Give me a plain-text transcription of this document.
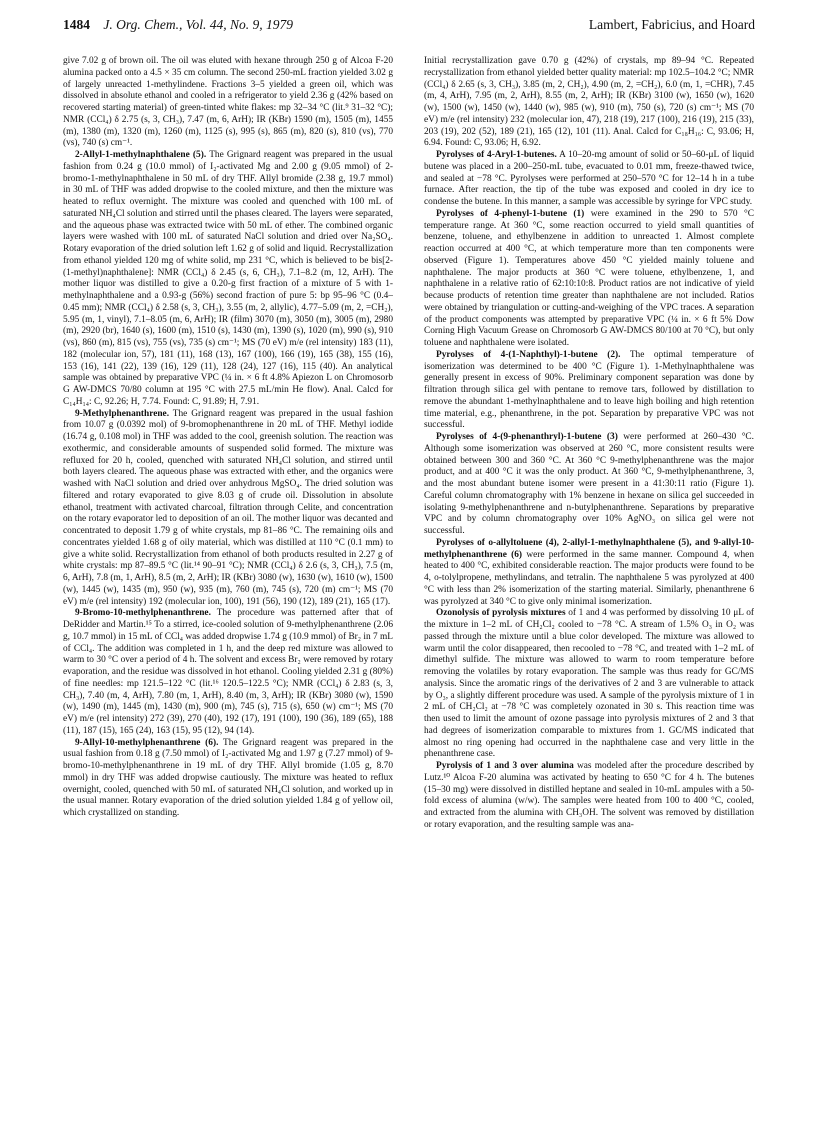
1484 J. Org. Chem., Vol. 44, No. 9, 1979	Lambert, Fabricius, and Hoard

give 7.02 g of brown oil. The oil was eluted with hexane through 250 g of Alcoa F-20 alumina packed onto a 4.5 × 35 cm column. The second 250-mL fraction yielded 3.02 g of largely unreacted 1-methylindene. Fractions 3–5 yielded a green oil, which was dissolved in absolute ethanol and cooled in a refrigerator to yield 2.36 g (42% based on recovered starting material) of green-tinted white flakes: mp 32–34 °C (lit.⁹ 31–32 °C); NMR (CCl₄) δ 2.75 (s, 3, CH₃), 7.47 (m, 6, ArH); IR (KBr) 1590 (m), 1505 (m), 1455 (m), 1380 (m), 1320 (m), 1260 (m), 1125 (s), 995 (s), 865 (m), 820 (s), 810 (vs), 770 (vs), 740 (s) cm⁻¹.

2-Allyl-1-methylnaphthalene (5). The Grignard reagent was prepared in the usual fashion from 0.24 g (10.0 mmol) of I₂-activated Mg and 2.00 g (9.05 mmol) of 2-bromo-1-methylnaphthalene in 50 mL of dry THF. Allyl bromide (2.38 g, 19.7 mmol) in 30 mL of THF was added dropwise to the cooled mixture, and then the mixture was heated to reflux overnight. The mixture was cooled and quenched with 100 mL of saturated NH₄Cl solution and stirred until the phases cleared. The layers were separated, and the aqueous phase was extracted twice with 50 mL of ether. The combined organic layers were washed with 100 mL of saturated NaCl solution and dried over Na₂SO₄. Rotary evaporation of the dried solution left 1.62 g of solid and liquid. Recrystallization from ethanol yielded 120 mg of white solid, mp 231 °C, which is believed to be bis[2-(1-methyl)naphthalene]: NMR (CCl₄) δ 2.45 (s, 6, CH₃), 7.1–8.2 (m, 12, ArH). The mother liquor was distilled to give a 0.20-g first fraction of a mixture of 5 with 1-methylnaphthalene and a 0.93-g (56%) second fraction of pure 5: bp 95–96 °C (0.4–0.45 mm); NMR (CCl₄) δ 2.58 (s, 3, CH₃), 3.55 (m, 2, allylic), 4.77–5.09 (m, 2, =CH₂), 5.95 (m, 1, vinyl), 7.1–8.05 (m, 6, ArH); IR (film) 3070 (m), 3050 (m), 3005 (m), 2980 (m), 2920 (br), 1640 (s), 1600 (m), 1510 (s), 1430 (m), 1390 (s), 1020 (m), 990 (s), 910 (vs), 860 (m), 815 (vs), 755 (vs), 735 (s) cm⁻¹; MS (70 eV) m/e (rel intensity) 183 (11), 182 (molecular ion, 57), 181 (11), 168 (13), 167 (100), 166 (19), 165 (38), 155 (16), 153 (16), 141 (22), 139 (16), 129 (11), 128 (24), 127 (16), 115 (40). An analytical sample was obtained by preparative VPC (¼ in. × 6 ft 4.8% Apiezon L on Chromosorb G AW-DMCS 70/80 column at 195 °C with 27.5 mL/min He flow). Anal. Calcd for C₁₄H₁₄: C, 92.26; H, 7.74. Found: C, 91.89; H, 7.91.

9-Methylphenanthrene. The Grignard reagent was prepared in the usual fashion from 10.07 g (0.0392 mol) of 9-bromophenanthrene in 20 mL of THF. Methyl iodide (16.74 g, 0.108 mol) in THF was added to the cool, greenish solution. The reaction was exothermic, and considerable amounts of suspended solid formed. The mixture was refluxed for 20 h, cooled, quenched with saturated NH₄Cl solution, and stirred until both layers cleared. The aqueous phase was extracted with ether, and the organics were washed with NaCl solution and dried over anhydrous MgSO₄. The dried solution was filtered and rotary evaporated to give 8.03 g of crude oil. Dissolution in absolute ethanol, treatment with activated charcoal, filtration through Celite, and concentration on the rotary evaporator led to deposition of an oil. The mother liquor was decanted and concentrated to deposit 1.79 g of white crystals, mp 81–86 °C. The remaining oils and concentrates yielded 1.68 g of oily material, which was distilled at 110 °C (0.1 mm) to give a white solid. Recrystallization from ethanol of both products resulted in 2.27 g of white crystals: mp 87–89.5 °C (lit.¹⁴ 90–91 °C); NMR (CCl₄) δ 2.6 (s, 3, CH₃), 7.5 (m, 6, ArH), 7.8 (m, 1, ArH), 8.5 (m, 2, ArH); IR (KBr) 3080 (w), 1630 (w), 1610 (w), 1500 (w), 1445 (w), 1435 (m), 950 (w), 935 (m), 760 (m), 745 (s), 720 (m) cm⁻¹; MS (70 eV) m/e (rel intensity) 192 (molecular ion, 100), 191 (56), 190 (12), 189 (21), 165 (17).

9-Bromo-10-methylphenanthrene. The procedure was patterned after that of DeRidder and Martin.¹⁵ To a stirred, ice-cooled solution of 9-methylphenanthrene (2.06 g, 10.7 mmol) in 15 mL of CCl₄ was added dropwise 1.74 g (10.9 mmol) of Br₂ in 7 mL of CCl₄. The addition was completed in 1 h, and the deep red mixture was allowed to warm to 30 °C over a period of 4 h. The solvent and excess Br₂ were removed by rotary evaporation, and the residue was dissolved in hot ethanol. Cooling yielded 2.31 g (80%) of fine needles: mp 121.5–122 °C (lit.¹⁶ 120.5–122.5 °C); NMR (CCl₄) δ 2.83 (s, 3, CH₃), 7.40 (m, 4, ArH), 7.80 (m, 1, ArH), 8.40 (m, 3, ArH); IR (KBr) 3080 (w), 1590 (w), 1490 (m), 1445 (m), 1430 (m), 900 (m), 745 (s), 715 (s), 650 (w) cm⁻¹; MS (70 eV) m/e (rel intensity) 272 (39), 270 (40), 192 (17), 191 (100), 190 (36), 189 (65), 188 (11), 187 (15), 165 (24), 163 (15), 95 (12), 94 (14).

9-Allyl-10-methylphenanthrene (6). The Grignard reagent was prepared in the usual fashion from 0.18 g (7.50 mmol) of I₂-activated Mg and 1.97 g (7.27 mmol) of 9-bromo-10-methylphenanthrene in 19 mL of dry THF. Allyl bromide (1.05 g, 8.70 mmol) in dry THF was added dropwise cautiously. The mixture was heated to reflux overnight, cooled, quenched with 50 mL of saturated NH₄Cl solution, and worked up in the usual manner. Rotary evaporation of the dried solution yielded 1.84 g of yellow oil, which crystallized on standing.

Initial recrystallization gave 0.70 g (42%) of crystals, mp 89–94 °C. Repeated recrystallization from ethanol yielded better quality material: mp 102.5–104.2 °C; NMR (CCl₄) δ 2.65 (s, 3, CH₃), 3.85 (m, 2, CH₂), 4.90 (m, 2, =CH₂), 6.0 (m, 1, =CHR), 7.45 (m, 4, ArH), 7.95 (m, 2, ArH), 8.55 (m, 2, ArH); IR (KBr) 3100 (w), 1650 (w), 1620 (w), 1500 (w), 1450 (w), 1440 (w), 985 (w), 910 (m), 750 (s), 720 (s) cm⁻¹; MS (70 eV) m/e (rel intensity) 232 (molecular ion, 47), 218 (19), 217 (100), 216 (19), 215 (33), 203 (19), 202 (52), 189 (21), 165 (12), 101 (11). Anal. Calcd for C₁₈H₁₆: C, 93.06; H, 6.94. Found: C, 93.06; H, 6.92.

Pyrolyses of 4-Aryl-1-butenes. A 10–20-mg amount of solid or 50–60-μL of liquid butene was placed in a 200–250-mL tube, evacuated to 0.01 mm, freeze-thawed twice, and sealed at −78 °C. Pyrolyses were performed at 250–570 °C for 12–14 h in a tube furnace. After reaction, the tip of the tube was exposed and cooled in dry ice to condense the butene. In this manner, a sample was accessible by syringe for VPC study.

Pyrolyses of 4-phenyl-1-butene (1) were examined in the 290 to 570 °C temperature range. At 360 °C, some reaction occurred to yield small quantities of benzene, toluene, and ethylbenzene in addition to unreacted 1. Almost complete reaction occurred at 400 °C, at which temperature more than ten components were observed (Figure 1). Temperatures above 450 °C yielded mainly toluene and naphthalene. The major products at 360 °C were toluene, ethylbenzene, 1, and naphthalene in a relative ratio of 62:10:10:8. Product ratios are not indicative of yield because products of retention time greater than naphthalene are not included. Ratios were obtained by triangulation or cutting-and-weighing of the VPC traces. A separation of the product components was attempted by preparative VPC (¼ in. × 6 ft 5% Dow Corning High Vacuum Grease on Chromosorb G AW-DMCS 80/100 at 70 °C), but only toluene and naphthalene were isolated.

Pyrolyses of 4-(1-Naphthyl)-1-butene (2). The optimal temperature of isomerization was determined to be 400 °C (Figure 1). 1-Methylnaphthalene was generally present in excess of 90%. Preliminary component separation was done by filtration through silica gel with pentane to remove tars, followed by distillation to remove the abundant 1-methylnaphthalene and to leave high boiling and high retention time material, e.g., phenanthrene, in the pot. Separation by preparative VPC was not successful.

Pyrolyses of 4-(9-phenanthryl)-1-butene (3) were performed at 260–430 °C. Although some isomerization was observed at 260 °C, more consistent results were obtained between 300 and 360 °C. At 360 °C 9-methylphenanthrene was the major product, and at 400 °C it was the only product. At 360 °C, 9-methylphenanthrene, 3, and the most abundant butene isomer were present in a 41:30:11 ratio (Figure 1). Careful column chromatography with 1% benzene in hexane on silica gel succeeded in isolating 9-methylphenanthrene and n-butylphenanthrene. Separations by preparative VPC and by column chromatography over 10% AgNO₃ on silica gel were not successful.

Pyrolyses of o-allyltoluene (4), 2-allyl-1-methylnaphthalene (5), and 9-allyl-10-methylphenanthrene (6) were performed in the same manner. Compound 4, when heated to 400 °C, exhibited considerable reaction. The major products were found to be 4, o-tolylpropene, methylindans, and tetralin. The naphthalene 5 was pyrolyzed at 400 °C with less than 2% isomerization of the starting material. Similarly, phenanthrene 6 was pyrolyzed at 340 °C to give only minimal isomerization.

Ozonolysis of pyrolysis mixtures of 1 and 4 was performed by dissolving 10 μL of the mixture in 1–2 mL of CH₂Cl₂ cooled to −78 °C. A stream of 1.5% O₃ in O₂ was passed through the mixture until a blue color developed. The mixture was allowed to warm until the color disappeared, then recooled to −78 °C, and treated with 1–2 mL of dimethyl sulfide. The mixture was allowed to warm to room temperature before removing the volatiles by rotary evaporation. The sample was thus ready for GC/MS analysis. Since the aromatic rings of the derivatives of 2 and 3 are vulnerable to attack by O₃, a slightly different procedure was used. A sample of the pyrolysis mixture of 1 in 2 mL of CH₂Cl₂ at −78 °C was completely ozonated in 30 s. This reaction time was then used to limit the amount of ozone passage into pyrolysis mixtures of 2 and 3 that had degrees of isomerization comparable to mixtures from 1. GC/MS indicated that almost no ring opening had occurred in the naphthalene case and very little in the phenanthrene case.

Pyrolysis of 1 and 3 over alumina was modeled after the procedure described by Lutz.¹⁰ Alcoa F-20 alumina was activated by heating to 650 °C for 4 h. The butenes (15–30 mg) were dissolved in distilled heptane and sealed in 10-mL ampules with a 50-fold excess of alumina (w/w). The samples were heated from 100 to 400 °C, cooled, and extracted from the alumina with CH₃OH. The solvent was removed by distillation or rotary evaporation, and the resulting sample was ana-
